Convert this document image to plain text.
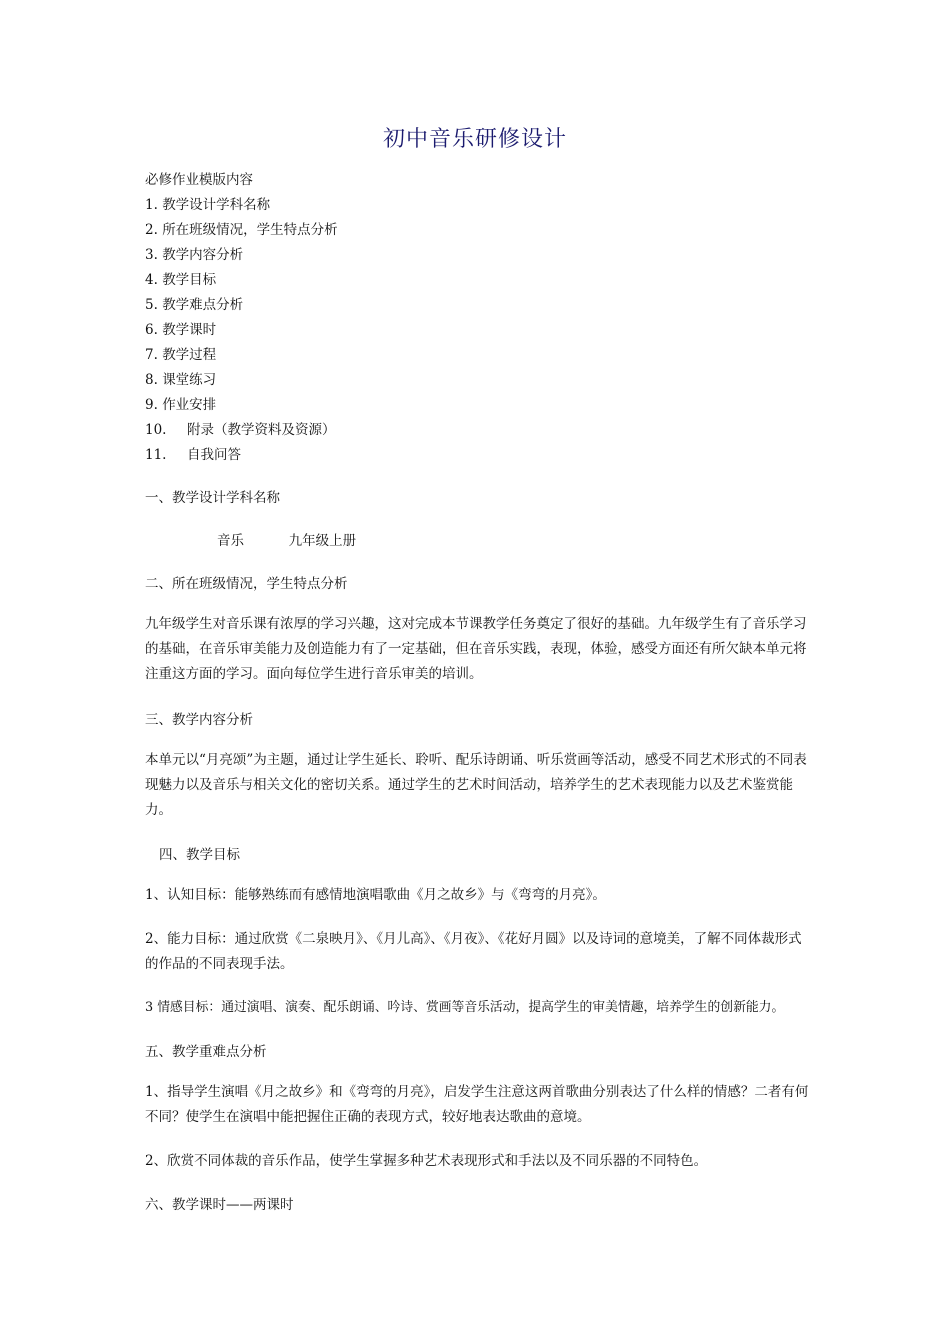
初中音乐研修设计
必修作业模版内容
1. 教学设计学科名称
2. 所在班级情况，学生特点分析
3. 教学内容分析
4. 教学目标
5. 教学难点分析
6. 教学课时
7. 教学过程
8. 课堂练习
9. 作业安排
10. 附录（教学资料及资源）
11. 自我问答
一、教学设计学科名称
音乐	九年级上册
二、所在班级情况，学生特点分析
九年级学生对音乐课有浓厚的学习兴趣，这对完成本节课教学任务奠定了很好的基础。九年级学生有了音乐学习的基础，在音乐审美能力及创造能力有了一定基础，但在音乐实践，表现，体验，感受方面还有所欠缺本单元将注重这方面的学习。面向每位学生进行音乐审美的培训。
三、教学内容分析
本单元以“月亮颂”为主题，通过让学生延长、聆听、配乐诗朗诵、听乐赏画等活动，感受不同艺术形式的不同表现魅力以及音乐与相关文化的密切关系。通过学生的艺术时间活动，培养学生的艺术表现能力以及艺术鉴赏能力。
四、教学目标
1、认知目标：能够熟练而有感情地演唱歌曲《月之故乡》与《弯弯的月亮》。
2、能力目标：通过欣赏《二泉映月》、《月儿高》、《月夜》、《花好月圆》以及诗词的意境美，了解不同体裁形式的作品的不同表现手法。
3 情感目标：通过演唱、演奏、配乐朗诵、吟诗、赏画等音乐活动，提高学生的审美情趣，培养学生的创新能力。
五、教学重难点分析
1、指导学生演唱《月之故乡》和《弯弯的月亮》，启发学生注意这两首歌曲分别表达了什么样的情感？二者有何不同？使学生在演唱中能把握住正确的表现方式，较好地表达歌曲的意境。
2、欣赏不同体裁的音乐作品，使学生掌握多种艺术表现形式和手法以及不同乐器的不同特色。
六、教学课时——两课时
